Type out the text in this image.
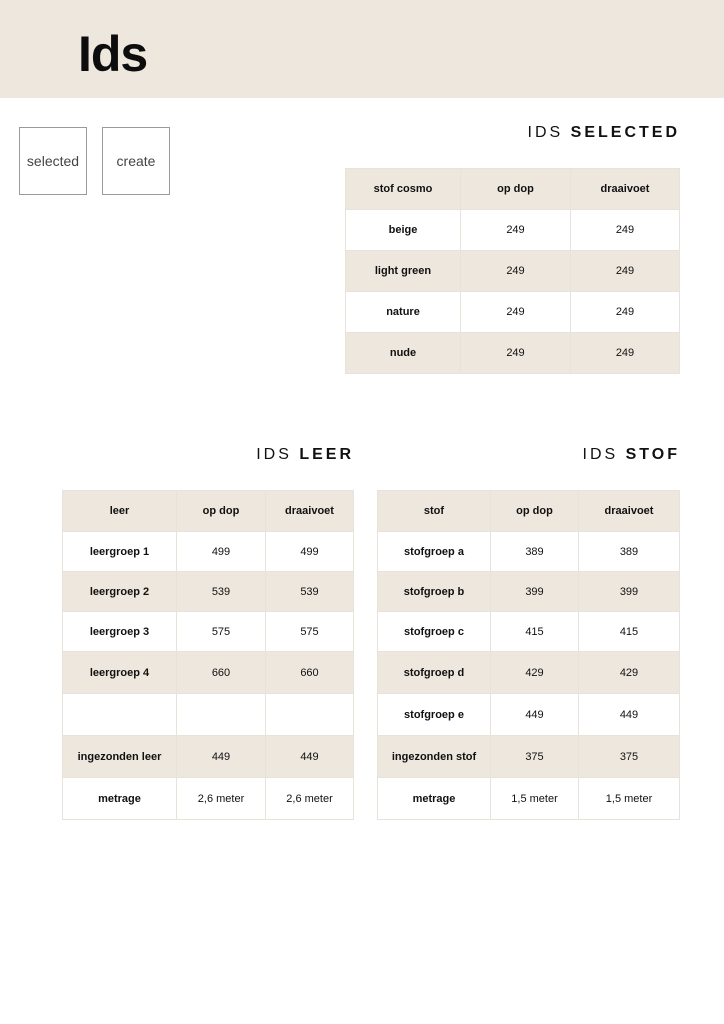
Ids
selected	create
IDS SELECTED
stof cosmo	op dop	draaivoet
beige	249	249
light green	249	249
nature	249	249
nude	249	249
IDS LEER
leer	op dop	draaivoet
leergroep 1	499	499
leergroep 2	539	539
leergroep 3	575	575
leergroep 4	660	660

ingezonden leer	449	449
metrage	2,6 meter	2,6 meter
IDS STOF
stof	op dop	draaivoet
stofgroep a	389	389
stofgroep b	399	399
stofgroep c	415	415
stofgroep d	429	429
stofgroep e	449	449
ingezonden stof	375	375
metrage	1,5 meter	1,5 meter
